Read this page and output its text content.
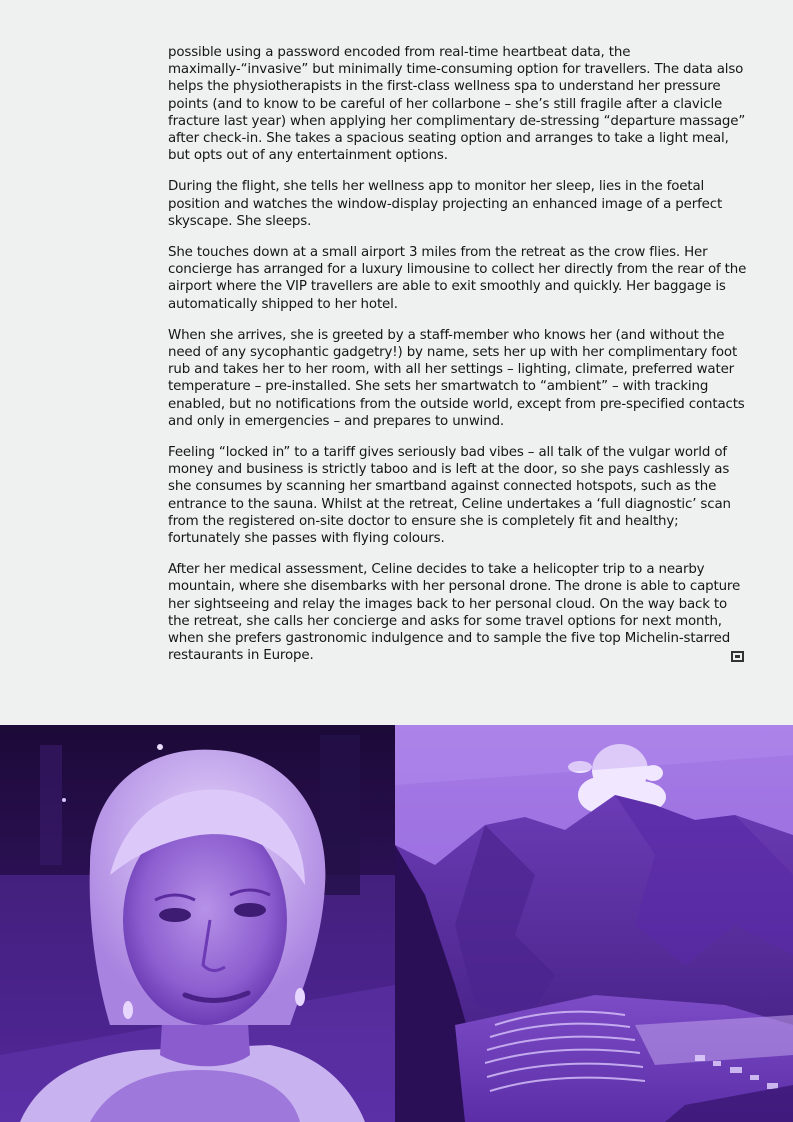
possible using a password encoded from real-time heartbeat data, the maximally-“invasive” but minimally time-consuming option for travellers. The data also helps the physiotherapists in the first-class wellness spa to understand her pressure points (and to know to be careful of her collarbone – she’s still fragile after a clavicle fracture last year) when applying her complimentary de-stressing “departure massage” after check-in. She takes a spacious seating option and arranges to take a light meal, but opts out of any entertainment options.

During the flight, she tells her wellness app to monitor her sleep, lies in the foetal position and watches the window-display projecting an enhanced image of a perfect skyscape. She sleeps.

She touches down at a small airport 3 miles from the retreat as the crow flies. Her concierge has arranged for a luxury limousine to collect her directly from the rear of the airport where the VIP travellers are able to exit smoothly and quickly. Her baggage is automatically shipped to her hotel.

When she arrives, she is greeted by a staff-member who knows her (and without the need of any sycophantic gadgetry!) by name, sets her up with her complimentary foot rub and takes her to her room, with all her settings – lighting, climate, preferred water temperature – pre-installed. She sets her smartwatch to “ambient” – with tracking enabled, but no notifications from the outside world, except from pre-specified contacts and only in emergencies – and prepares to unwind.

Feeling “locked in” to a tariff gives seriously bad vibes – all talk of the vulgar world of money and business is strictly taboo and is left at the door, so she pays cashlessly as she consumes by scanning her smartband against connected hotspots, such as the entrance to the sauna. Whilst at the retreat, Celine undertakes a ‘full diagnostic’ scan from the registered on-site doctor to ensure she is completely fit and healthy; fortunately she passes with flying colours.

After her medical assessment, Celine decides to take a helicopter trip to a nearby mountain, where she disembarks with her personal drone. The drone is able to capture her sightseeing and relay the images back to her personal cloud. On the way back to the retreat, she calls her concierge and asks for some travel options for next month, when she prefers gastronomic indulgence and to sample the five top Michelin-starred restaurants in Europe.
